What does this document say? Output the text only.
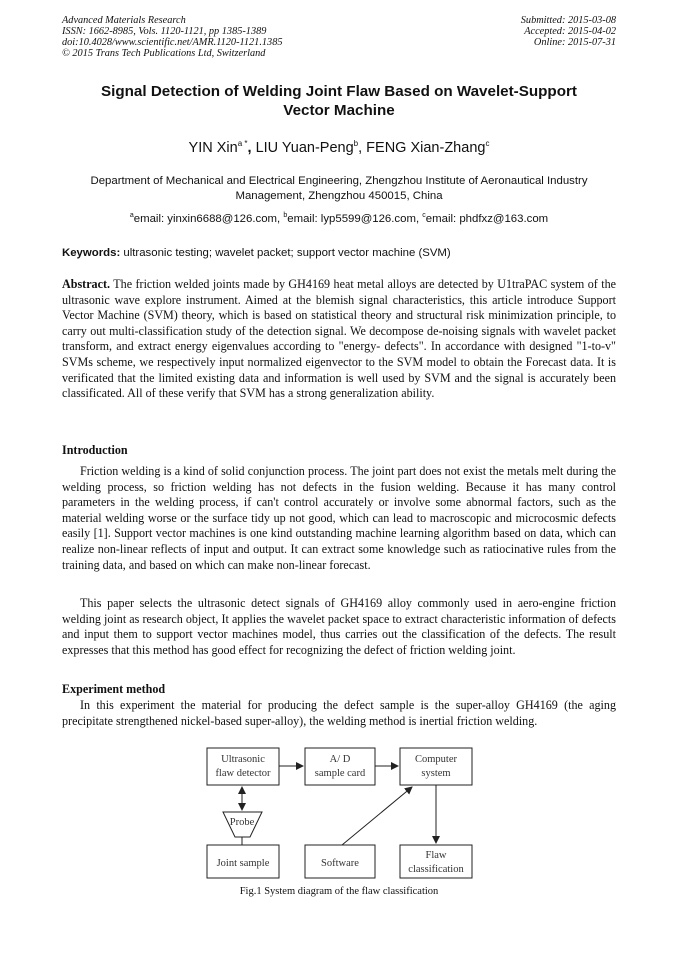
Advanced Materials Research
ISSN: 1662-8985, Vols. 1120-1121, pp 1385-1389
doi:10.4028/www.scientific.net/AMR.1120-1121.1385
© 2015 Trans Tech Publications Ltd, Switzerland
Submitted: 2015-03-08
Accepted: 2015-04-02
Online: 2015-07-31
Signal Detection of Welding Joint Flaw Based on Wavelet-Support
Vector Machine
YIN Xin$^{a *}$, LIU Yuan-Peng$^b$, FENG Xian-Zhang$^c$
Department of Mechanical and Electrical Engineering, Zhengzhou Institute of Aeronautical Industry
Management, Zhengzhou 450015, China
$^a$email: yinxin6688@126.com, $^b$email: lyp5599@126.com, $^c$email: phdfxz@163.com
Keywords: ultrasonic testing; wavelet packet; support vector machine (SVM)
Abstract. The friction welded joints made by GH4169 heat metal alloys are detected by U1traPAC system of the ultrasonic wave explore instrument. Aimed at the blemish signal characteristics, this article introduce Support Vector Machine (SVM) theory, which is based on statistical theory and structural risk minimization principle, to carry out multi-classification study of the detection signal. We decompose de-noising signals with wavelet packet transform, and extract energy eigenvalues according to "energy- defects". In accordance with designed "1-to-v" SVMs scheme, we respectively input normalized eigenvector to the SVM model to obtain the Forecast data. It is verificated that the limited existing data and information is well used by SVM and the signal is accurately been classificated. All of these verify that SVM has a strong generalization ability.
Introduction
Friction welding is a kind of solid conjunction process. The joint part does not exist the metals melt during the welding process, so friction welding has not defects in the fusion welding. Because it has many control parameters in the welding process, if can't control accurately or involve some abnormal factors, such as the material welding worse or the surface tidy up not good, which can lead to macroscopic and microcosmic defects easily [1]. Support vector machines is one kind outstanding machine learning algorithm based on data, which can realize non-linear reflects of input and output. It can extract some knowledge such as ratiocinative rules from the training data, and based on which can make non-linear forecast.
This paper selects the ultrasonic detect signals of GH4169 alloy commonly used in aero-engine friction welding joint as research object, It applies the wavelet packet space to extract characteristic information of defects and input them to support vector machines model, thus carries out the classification of the defects. The result expresses that this method has good effect for recognizing the defect of friction welding joint.
Experiment method
In this experiment the material for producing the defect sample is the super-alloy GH4169 (the aging precipitate strengthened nickel-based super-alloy), the welding method is inertial friction welding.
Ultrasonic
flaw detector
A/ D
sample card
Computer
system
Probe
Joint sample	Software
Flaw
classification
Fig.1 System diagram of the flaw classification
